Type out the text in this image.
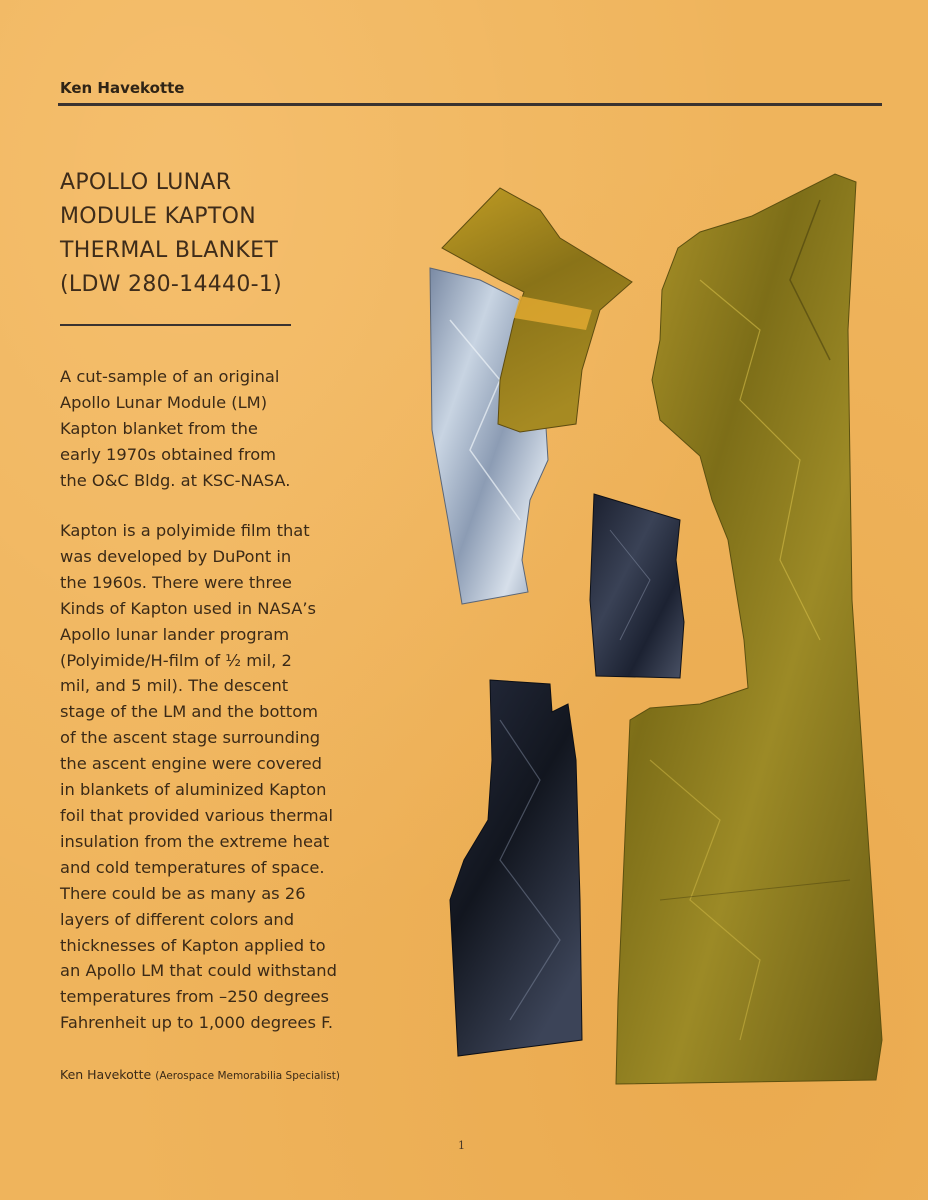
Ken Havekotte
APOLLO LUNAR
MODULE KAPTON
THERMAL BLANKET
(LDW 280-14440-1)
A cut-sample of an original
Apollo Lunar Module (LM)
Kapton blanket from the
early 1970s obtained from
the O&C Bldg. at KSC-NASA.
Kapton is a polyimide film that
was developed by DuPont in
the 1960s. There were three
Kinds of Kapton used in NASA’s
Apollo lunar lander program
(Polyimide/H-film of ½ mil, 2
mil, and 5 mil). The descent
stage of the LM and the bottom
of the ascent stage surrounding
the ascent engine were covered
in blankets of aluminized Kapton
foil that provided various thermal
insulation from the extreme heat
and cold temperatures of space.
There could be as many as 26
layers of different colors and
thicknesses of Kapton applied to
an Apollo LM that could withstand
temperatures from –250 degrees
Fahrenheit up to 1,000 degrees F.
Ken Havekotte (Aerospace Memorabilia Specialist)
1
